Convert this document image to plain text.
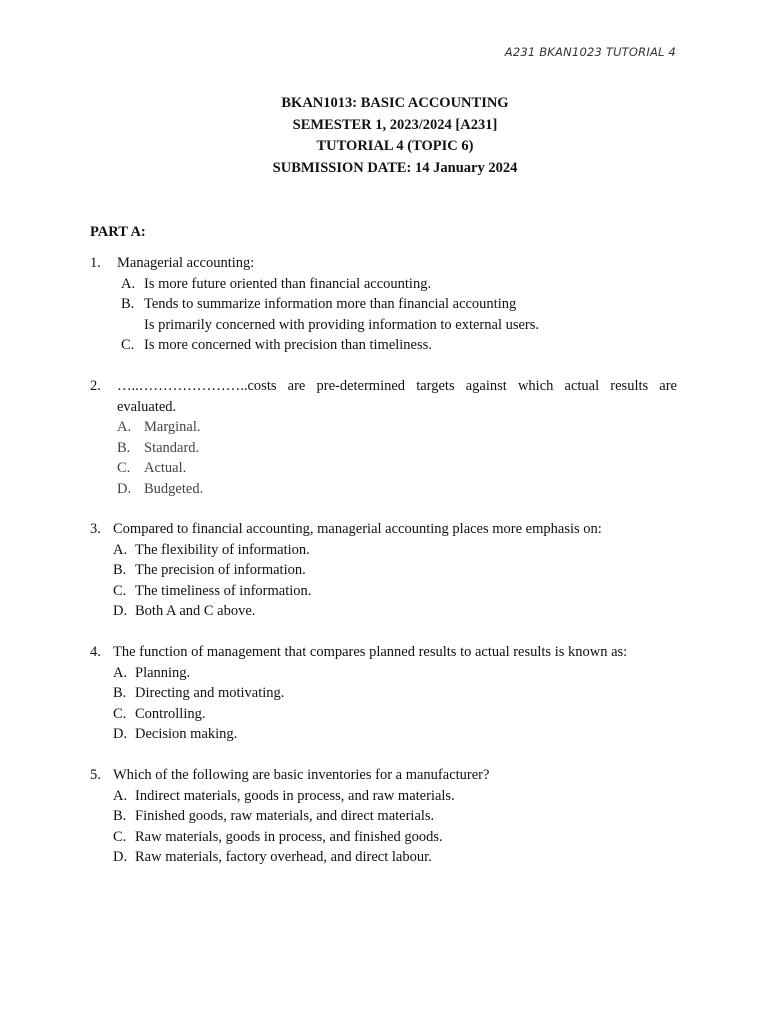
A231 BKAN1023 TUTORIAL 4
BKAN1013: BASIC ACCOUNTING
SEMESTER 1, 2023/2024 [A231]
TUTORIAL 4 (TOPIC 6)
SUBMISSION DATE: 14 January 2024
PART A:
1.	Managerial accounting:
A. Is more future oriented than financial accounting.
B. Tends to summarize information more than financial accounting
Is primarily concerned with providing information to external users.
C. Is more concerned with precision than timeliness.
2.	…..…………………..costs are pre-determined targets against which actual results are evaluated.
A. Marginal.
B. Standard.
C. Actual.
D. Budgeted.
3. Compared to financial accounting, managerial accounting places more emphasis on:
A. The flexibility of information.
B. The precision of information.
C. The timeliness of information.
D. Both A and C above.
4. The function of management that compares planned results to actual results is known as:
A. Planning.
B. Directing and motivating.
C. Controlling.
D. Decision making.
5. Which of the following are basic inventories for a manufacturer?
A. Indirect materials, goods in process, and raw materials.
B. Finished goods, raw materials, and direct materials.
C. Raw materials, goods in process, and finished goods.
D. Raw materials, factory overhead, and direct labour.
